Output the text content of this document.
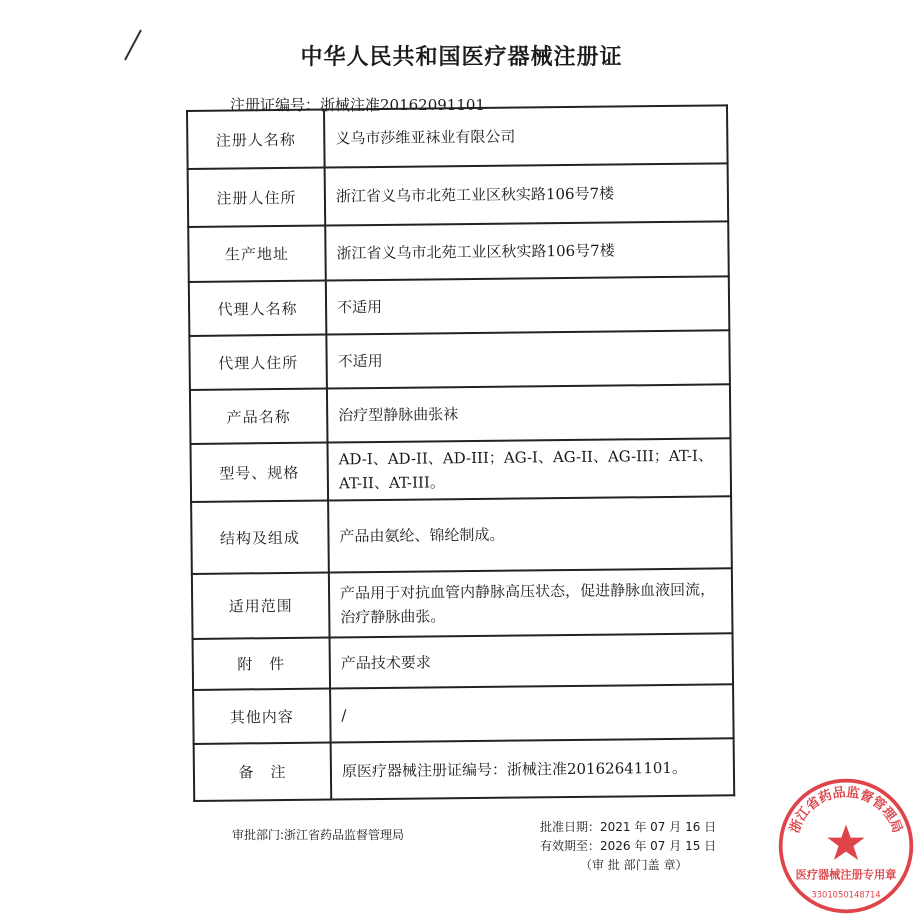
中华人民共和国医疗器械注册证
注册证编号：浙械注准20162091101
注册人名称	义乌市莎维亚袜业有限公司
注册人住所	浙江省义乌市北苑工业区秋实路106号7楼
生产地址	浙江省义乌市北苑工业区秋实路106号7楼
代理人名称	不适用
代理人住所	不适用
产品名称	治疗型静脉曲张袜
型号、规格	AD-I、AD-II、AD-III；AG-I、AG-II、AG-III；AT-I、AT-II、AT-III。
结构及组成	产品由氨纶、锦纶制成。
适用范围	产品用于对抗血管内静脉高压状态，促进静脉血液回流，治疗静脉曲张。
附　件	产品技术要求
其他内容	/
备　注	原医疗器械注册证编号：浙械注准20162641101。
审批部门:浙江省药品监督管理局
批准日期：2021 年 07 月 16 日
有效期至：2026 年 07 月 15 日
（审 批 部门盖 章）
浙江省药品监督管理局
医疗器械注册专用章
3301050148714
